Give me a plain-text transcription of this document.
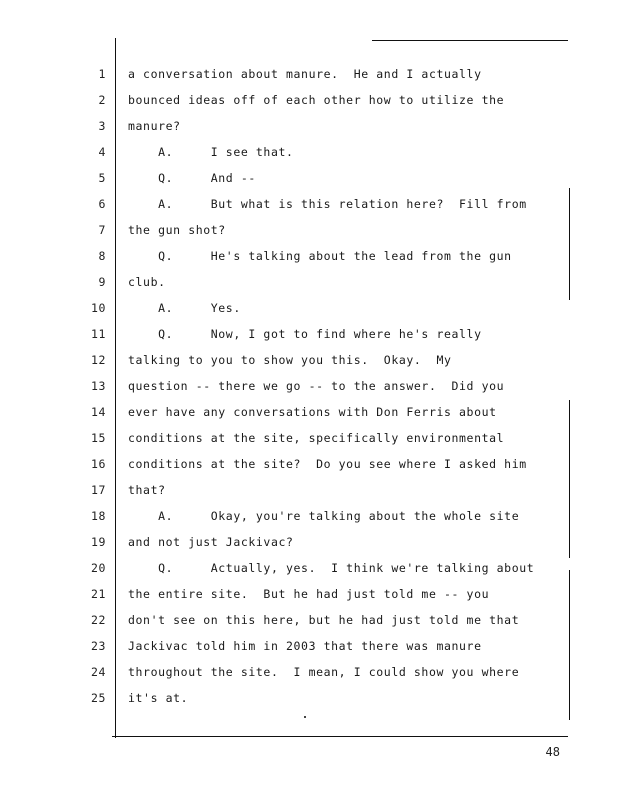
1 a conversation about manure.  He and I actually
2 bounced ideas off of each other how to utilize the
3 manure?
4 A.     I see that.
5 Q.     And --
6 A.     But what is this relation here?  Fill from
7 the gun shot?
8 Q.     He's talking about the lead from the gun
9 club.
10 A.     Yes.
11 Q.     Now, I got to find where he's really
12 talking to you to show you this.  Okay.  My
13 question -- there we go -- to the answer.  Did you
14 ever have any conversations with Don Ferris about
15 conditions at the site, specifically environmental
16 conditions at the site?  Do you see where I asked him
17 that?
18 A.     Okay, you're talking about the whole site
19 and not just Jackivac?
20 Q.     Actually, yes.  I think we're talking about
21 the entire site.  But he had just told me -- you
22 don't see on this here, but he had just told me that
23 Jackivac told him in 2003 that there was manure
24 throughout the site.  I mean, I could show you where
25 it's at.
48
